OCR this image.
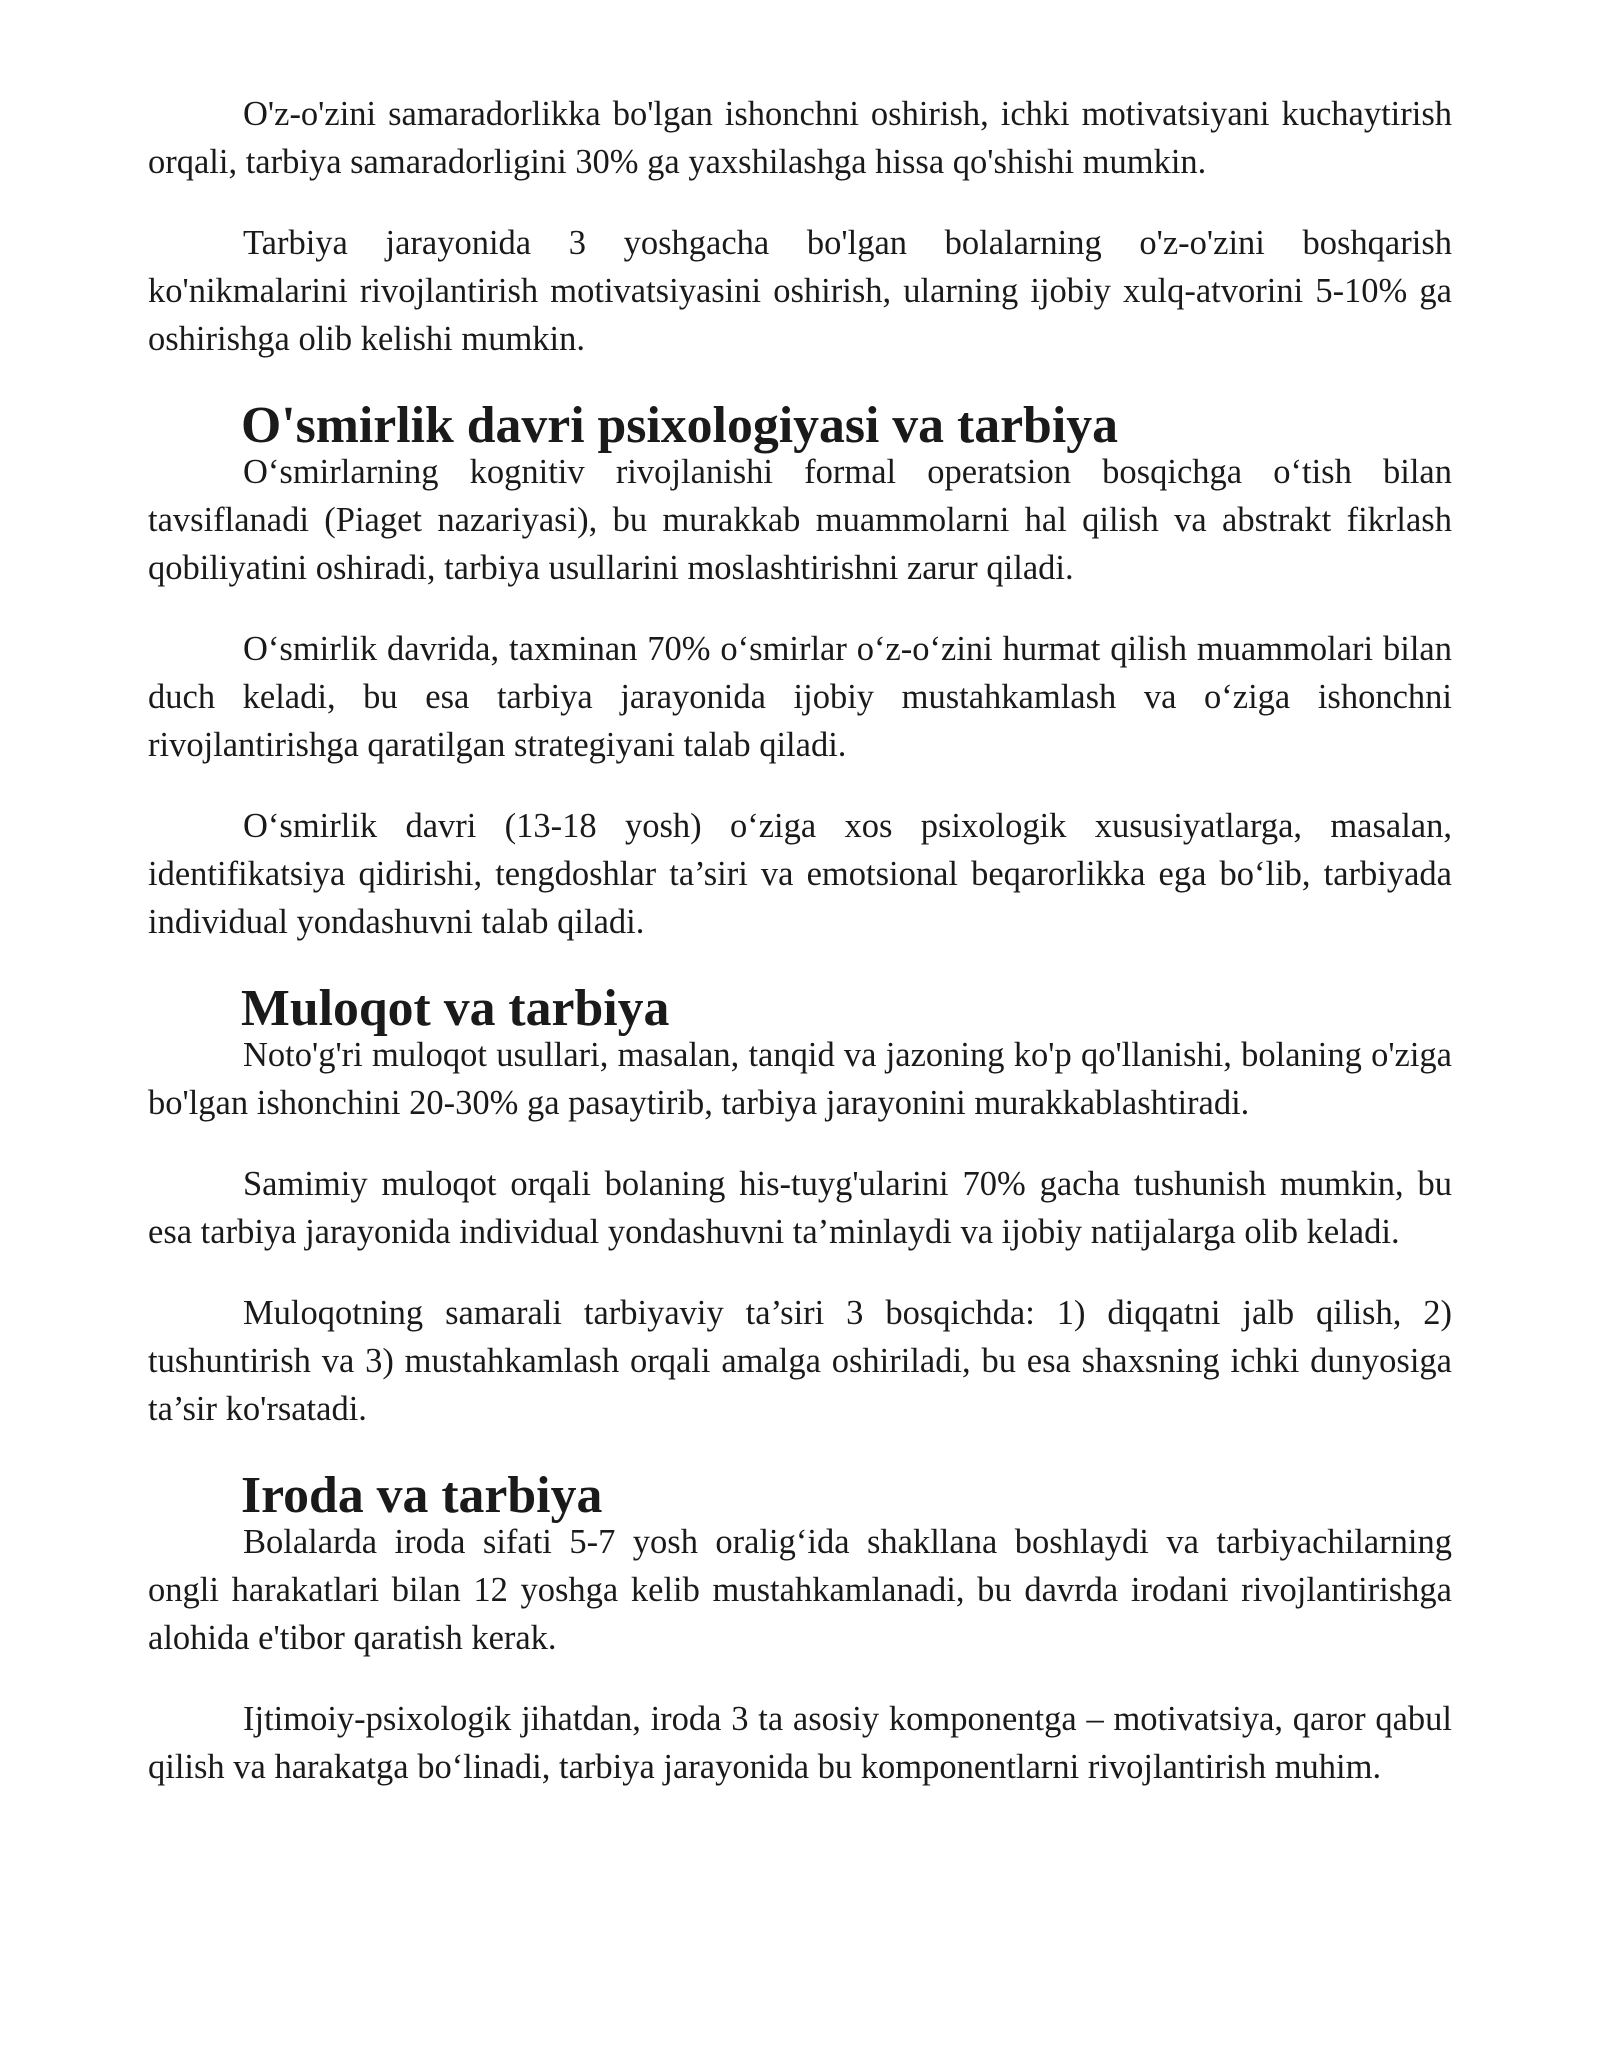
O'z-o'zini samaradorlikka bo'lgan ishonchni oshirish, ichki motivatsiyani kuchaytirish orqali, tarbiya samaradorligini 30% ga yaxshilashga hissa qo'shishi mumkin.

Tarbiya jarayonida 3 yoshgacha bo'lgan bolalarning o'z-o'zini boshqarish ko'nikmalarini rivojlantirish motivatsiyasini oshirish, ularning ijobiy xulq-atvorini 5-10% ga oshirishga olib kelishi mumkin.

O'smirlik davri psixologiyasi va tarbiya

O‘smirlarning kognitiv rivojlanishi formal operatsion bosqichga o‘tish bilan tavsiflanadi (Piaget nazariyasi), bu murakkab muammolarni hal qilish va abstrakt fikrlash qobiliyatini oshiradi, tarbiya usullarini moslashtirishni zarur qiladi.

O‘smirlik davrida, taxminan 70% o‘smirlar o‘z-o‘zini hurmat qilish muammolari bilan duch keladi, bu esa tarbiya jarayonida ijobiy mustahkamlash va o‘ziga ishonchni rivojlantirishga qaratilgan strategiyani talab qiladi.

O‘smirlik davri (13-18 yosh) o‘ziga xos psixologik xususiyatlarga, masalan, identifikatsiya qidirishi, tengdoshlar ta’siri va emotsional beqarorlikka ega bo‘lib, tarbiyada individual yondashuvni talab qiladi.

Muloqot va tarbiya

Noto'g'ri muloqot usullari, masalan, tanqid va jazoning ko'p qo'llanishi, bolaning o'ziga bo'lgan ishonchini 20-30% ga pasaytirib, tarbiya jarayonini murakkablashtiradi.

Samimiy muloqot orqali bolaning his-tuyg'ularini 70% gacha tushunish mumkin, bu esa tarbiya jarayonida individual yondashuvni ta’minlaydi va ijobiy natijalarga olib keladi.

Muloqotning samarali tarbiyaviy ta’siri 3 bosqichda: 1) diqqatni jalb qilish, 2) tushuntirish va 3) mustahkamlash orqali amalga oshiriladi, bu esa shaxsning ichki dunyosiga ta’sir ko'rsatadi.

Iroda va tarbiya

Bolalarda iroda sifati 5-7 yosh oralig‘ida shakllana boshlaydi va tarbiyachilarning ongli harakatlari bilan 12 yoshga kelib mustahkamlanadi, bu davrda irodani rivojlantirishga alohida e'tibor qaratish kerak.

Ijtimoiy-psixologik jihatdan, iroda 3 ta asosiy komponentga – motivatsiya, qaror qabul qilish va harakatga bo‘linadi, tarbiya jarayonida bu komponentlarni rivojlantirish muhim.
